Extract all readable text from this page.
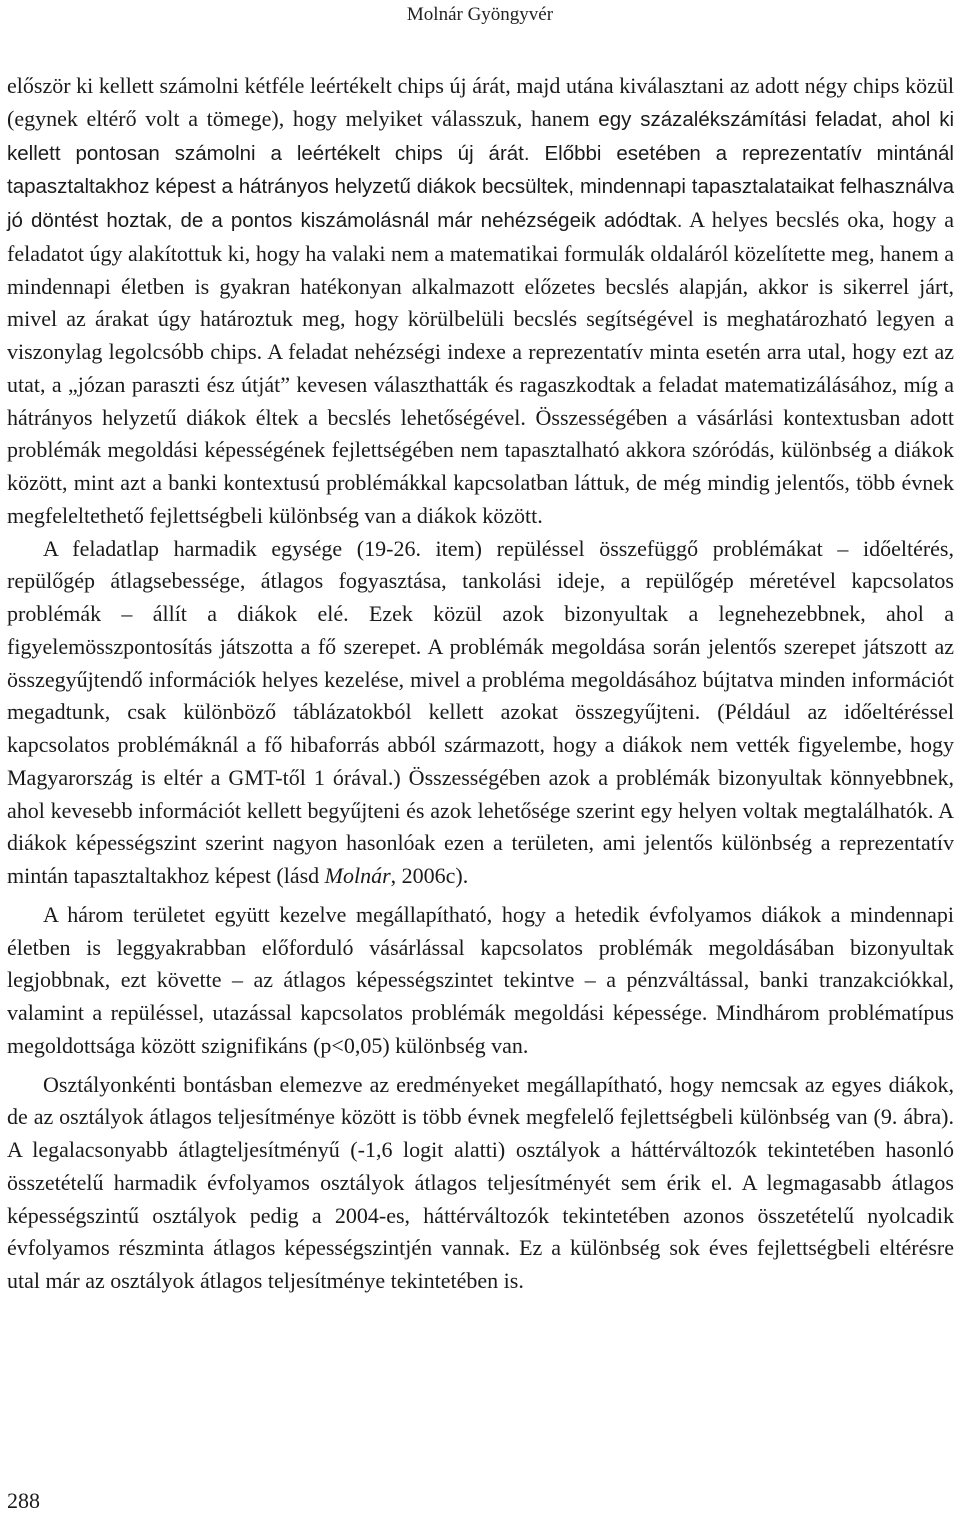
Molnár Gyöngyvér

először ki kellett számolni kétféle leértékelt chips új árát, majd utána kiválasztani az adott négy chips közül (egynek eltérő volt a tömege), hogy melyiket válasszuk, hanem egy százalékszámítási feladat, ahol ki kellett pontosan számolni a leértékelt chips új árát. Előbbi esetében a reprezentatív mintánál tapasztaltakhoz képest a hátrányos helyzetű diákok becsültek, mindennapi tapasztalataikat felhasználva jó döntést hoztak, de a pontos kiszámolásnál már nehézségeik adódtak. A helyes becslés oka, hogy a feladatot úgy alakítottuk ki, hogy ha valaki nem a matematikai formulák oldaláról közelítette meg, hanem a mindennapi életben is gyakran hatékonyan alkalmazott előzetes becslés alapján, akkor is sikerrel járt, mivel az árakat úgy határoztuk meg, hogy körülbelüli becslés segítségével is meghatározható legyen a viszonylag legolcsóbb chips. A feladat nehézségi indexe a reprezentatív minta esetén arra utal, hogy ezt az utat, a „józan paraszti ész útját” kevesen választhatták és ragaszkodtak a feladat matematizálásához, míg a hátrányos helyzetű diákok éltek a becslés lehetőségével. Összességében a vásárlási kontextusban adott problémák megoldási képességének fejlettségében nem tapasztalható akkora szóródás, különbség a diákok között, mint azt a banki kontextusú problémákkal kapcsolatban láttuk, de még mindig jelentős, több évnek megfeleltethető fejlettségbeli különbség van a diákok között.

A feladatlap harmadik egysége (19-26. item) repüléssel összefüggő problémákat – időeltérés, repülőgép átlagsebessége, átlagos fogyasztása, tankolási ideje, a repülőgép méretével kapcsolatos problémák – állít a diákok elé. Ezek közül azok bizonyultak a legnehezebbnek, ahol a figyelemösszpontosítás játszotta a fő szerepet. A problémák megoldása során jelentős szerepet játszott az összegyűjtendő információk helyes kezelése, mivel a probléma megoldásához bújtatva minden információt megadtunk, csak különböző táblázatokból kellett azokat összegyűjteni. (Például az időeltéréssel kapcsolatos problémáknál a fő hibaforrás abból származott, hogy a diákok nem vették figyelembe, hogy Magyarország is eltér a GMT-től 1 órával.) Összességében azok a problémák bizonyultak könnyebbnek, ahol kevesebb információt kellett begyűjteni és azok lehetősége szerint egy helyen voltak megtalálhatók. A diákok képességszint szerint nagyon hasonlóak ezen a területen, ami jelentős különbség a reprezentatív mintán tapasztaltakhoz képest (lásd Molnár, 2006c).

A három területet együtt kezelve megállapítható, hogy a hetedik évfolyamos diákok a mindennapi életben is leggyakrabban előforduló vásárlással kapcsolatos problémák megoldásában bizonyultak legjobbnak, ezt követte – az átlagos képességszintet tekintve – a pénzváltással, banki tranzakciókkal, valamint a repüléssel, utazással kapcsolatos problémák megoldási képessége. Mindhárom problématípus megoldottsága között szignifikáns (p<0,05) különbség van.

Osztályonkénti bontásban elemezve az eredményeket megállapítható, hogy nemcsak az egyes diákok, de az osztályok átlagos teljesítménye között is több évnek megfelelő fejlettségbeli különbség van (9. ábra). A legalacsonyabb átlagteljesítményű (-1,6 logit alatti) osztályok a háttérváltozók tekintetében hasonló összetételű harmadik évfolyamos osztályok átlagos teljesítményét sem érik el. A legmagasabb átlagos képességszintű osztályok pedig a 2004-es, háttérváltozók tekintetében azonos összetételű nyolcadik évfolyamos részminta átlagos képességszintjén vannak. Ez a különbség sok éves fejlettségbeli eltérésre utal már az osztályok átlagos teljesítménye tekintetében is.

288
